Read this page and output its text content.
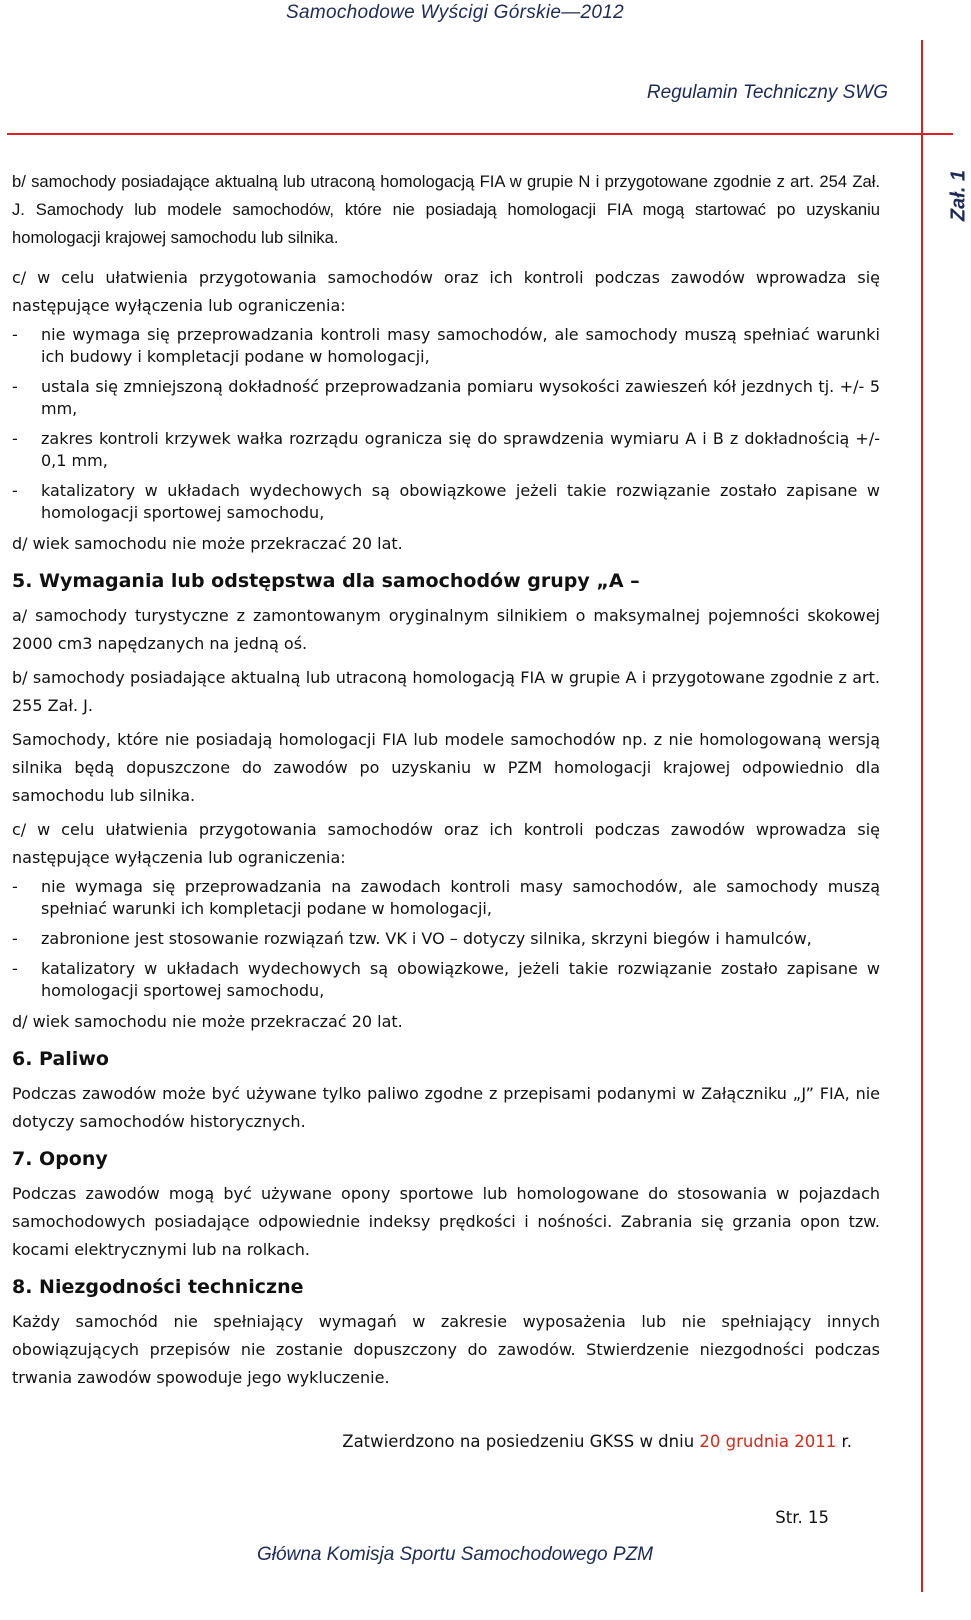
Samochodowe Wyścigi Górskie—2012
Regulamin Techniczny SWG
Zał. 1

b/ samochody posiadające aktualną lub utraconą homologacją FIA w grupie N i przygotowane zgodnie z art. 254 Zał. J. Samochody lub modele samochodów, które nie posiadają homologacji FIA mogą startować po uzyskaniu homologacji krajowej samochodu lub silnika.

c/ w celu ułatwienia przygotowania samochodów oraz ich kontroli podczas zawodów wprowadza się następujące wyłączenia lub ograniczenia:

- nie wymaga się przeprowadzania kontroli masy samochodów, ale samochody muszą spełniać warunki ich budowy i kompletacji podane w homologacji,
- ustala się zmniejszoną dokładność przeprowadzania pomiaru wysokości zawieszeń kół jezdnych tj. +/- 5 mm,
- zakres kontroli krzywek wałka rozrządu ogranicza się do sprawdzenia wymiaru A i B z dokładnością +/- 0,1 mm,
- katalizatory w układach wydechowych są obowiązkowe jeżeli takie rozwiązanie zostało zapisane w homologacji sportowej samochodu,

d/ wiek samochodu nie może przekraczać 20 lat.

5. Wymagania lub odstępstwa dla samochodów grupy „A –

a/ samochody turystyczne z zamontowanym oryginalnym silnikiem o maksymalnej pojemności skokowej 2000 cm3 napędzanych na jedną oś.

b/ samochody posiadające aktualną lub utraconą homologacją FIA w grupie A i przygotowane zgodnie z art. 255 Zał. J.

Samochody, które nie posiadają homologacji FIA lub modele samochodów np. z nie homologowaną wersją silnika będą dopuszczone do zawodów po uzyskaniu w PZM homologacji krajowej odpowiednio dla samochodu lub silnika.

c/ w celu ułatwienia przygotowania samochodów oraz ich kontroli podczas zawodów wprowadza się następujące wyłączenia lub ograniczenia:

- nie wymaga się przeprowadzania na zawodach kontroli masy samochodów, ale samochody muszą spełniać warunki ich kompletacji podane w homologacji,
- zabronione jest stosowanie rozwiązań tzw. VK i VO – dotyczy silnika, skrzyni biegów i hamulców,
- katalizatory w układach wydechowych są obowiązkowe, jeżeli takie rozwiązanie zostało zapisane w homologacji sportowej samochodu,

d/ wiek samochodu nie może przekraczać 20 lat.

6. Paliwo

Podczas zawodów może być używane tylko paliwo zgodne z przepisami podanymi w Załączniku „J” FIA, nie dotyczy samochodów historycznych.

7. Opony

Podczas zawodów mogą być używane opony sportowe lub homologowane do stosowania w pojazdach samochodowych posiadające odpowiednie indeksy prędkości i nośności. Zabrania się grzania opon tzw. kocami elektrycznymi lub na rolkach.

8. Niezgodności techniczne

Każdy samochód nie spełniający wymagań w zakresie wyposażenia lub nie spełniający innych obowiązujących przepisów nie zostanie dopuszczony do zawodów. Stwierdzenie niezgodności podczas trwania zawodów spowoduje jego wykluczenie.

Zatwierdzono na posiedzeniu GKSS w dniu 20 grudnia 2011 r.
Str. 15
Główna Komisja Sportu Samochodowego PZM
